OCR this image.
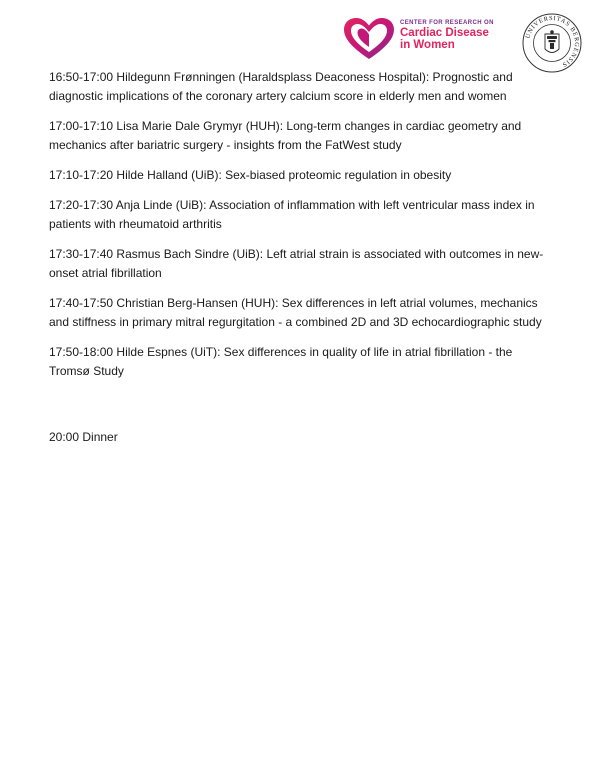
CENTER FOR RESEARCH ON
Cardiac Disease
in Women
UNIVERSITAS BERGENSIS

16:50-17:00 Hildegunn Frønningen (Haraldsplass Deaconess Hospital): Prognostic and diagnostic implications of the coronary artery calcium score in elderly men and women

17:00-17:10 Lisa Marie Dale Grymyr (HUH): Long-term changes in cardiac geometry and mechanics after bariatric surgery - insights from the FatWest study

17:10-17:20 Hilde Halland (UiB): Sex-biased proteomic regulation in obesity

17:20-17:30 Anja Linde (UiB): Association of inflammation with left ventricular mass index in patients with rheumatoid arthritis

17:30-17:40 Rasmus Bach Sindre (UiB): Left atrial strain is associated with outcomes in new-onset atrial fibrillation

17:40-17:50 Christian Berg-Hansen (HUH): Sex differences in left atrial volumes, mechanics and stiffness in primary mitral regurgitation - a combined 2D and 3D echocardiographic study

17:50-18:00 Hilde Espnes (UiT): Sex differences in quality of life in atrial fibrillation - the Tromsø Study

20:00 Dinner
